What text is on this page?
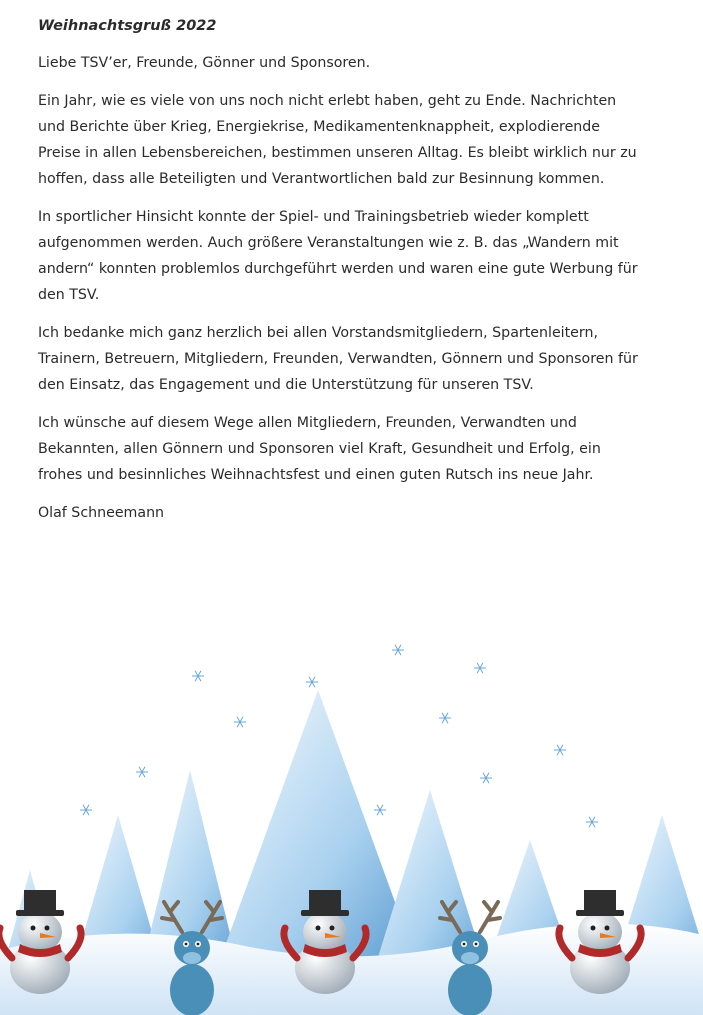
Weihnachtsgruß 2022

Liebe TSV’er, Freunde, Gönner und Sponsoren.

Ein Jahr, wie es viele von uns noch nicht erlebt haben, geht zu Ende. Nachrichten und Berichte über Krieg, Energiekrise, Medikamentenknappheit, explodierende Preise in allen Lebensbereichen, bestimmen unseren Alltag. Es bleibt wirklich nur zu hoffen, dass alle Beteiligten und Verantwortlichen bald zur Besinnung kommen.

In sportlicher Hinsicht konnte der Spiel- und Trainingsbetrieb wieder komplett aufgenommen werden. Auch größere Veranstaltungen wie z. B. das „Wandern mit andern“ konnten problemlos durchgeführt werden und waren eine gute Werbung für den TSV.

Ich bedanke mich ganz herzlich bei allen Vorstandsmitgliedern, Spartenleitern, Trainern, Betreuern, Mitgliedern, Freunden, Verwandten, Gönnern und Sponsoren für den Einsatz, das Engagement und die Unterstützung für unseren TSV.

Ich wünsche auf diesem Wege allen Mitgliedern, Freunden, Verwandten und Bekannten, allen Gönnern und Sponsoren viel Kraft, Gesundheit und Erfolg, ein frohes und besinnliches Weihnachtsfest und einen guten Rutsch ins neue Jahr.

Olaf Schneemann
